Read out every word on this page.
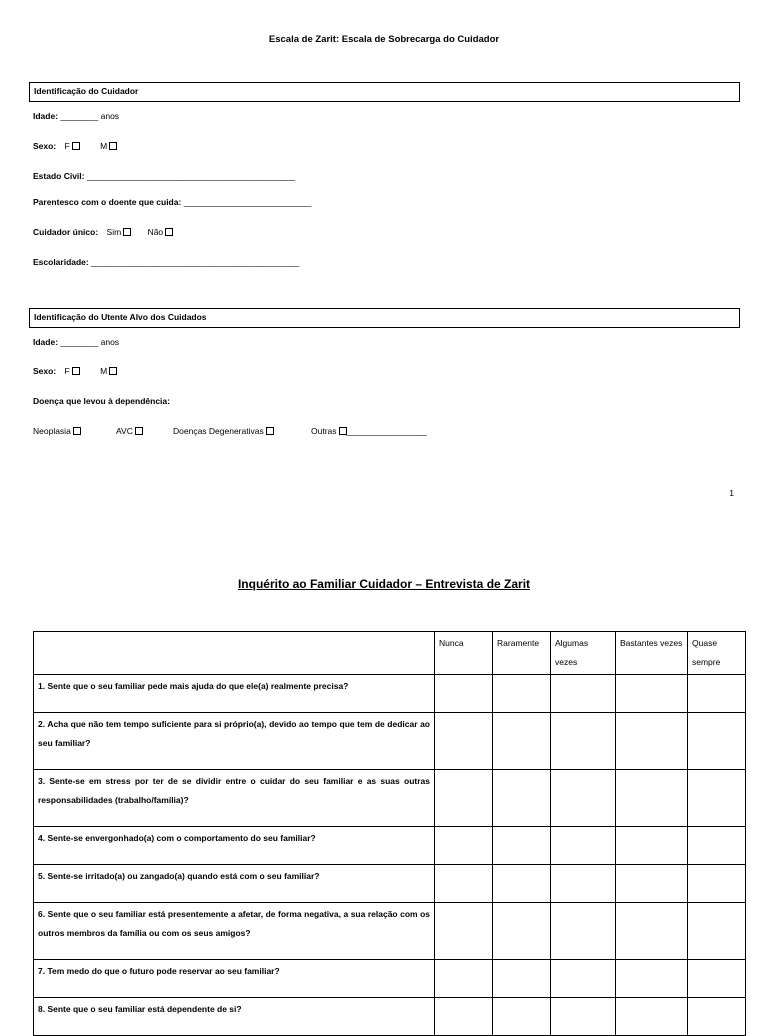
Escala de Zarit: Escala de Sobrecarga do Cuidador
Identificação do Cuidador
Idade: ________ anos
Sexo: F	M
Estado Civil: ____________________________________________
Parentesco com o doente que cuida: ___________________________
Cuidador único: Sim	Não
Escolaridade: ____________________________________________
Identificação do Utente Alvo dos Cuidados
Idade: ________ anos
Sexo: F	M
Doença que levou à dependência:
Neoplasia	AVC	Doenças Degenerativas	Outras _________________
1
Inquérito ao Familiar Cuidador – Entrevista de Zarit
	Nunca	Raramente	Algumas vezes	Bastantes vezes	Quase sempre
1. Sente que o seu familiar pede mais ajuda do que ele(a) realmente precisa?					
2. Acha que não tem tempo suficiente para si próprio(a), devido ao tempo que tem de dedicar ao seu familiar?					
3. Sente-se em stress por ter de se dividir entre o cuidar do seu familiar e as suas outras responsabilidades (trabalho/família)?					
4. Sente-se envergonhado(a) com o comportamento do seu familiar?					
5. Sente-se irritado(a) ou zangado(a) quando está com o seu familiar?					
6. Sente que o seu familiar está presentemente a afetar, de forma negativa, a sua relação com os outros membros da família ou com os seus amigos?					
7. Tem medo do que o futuro pode reservar ao seu familiar?					
8. Sente que o seu familiar está dependente de si?					
